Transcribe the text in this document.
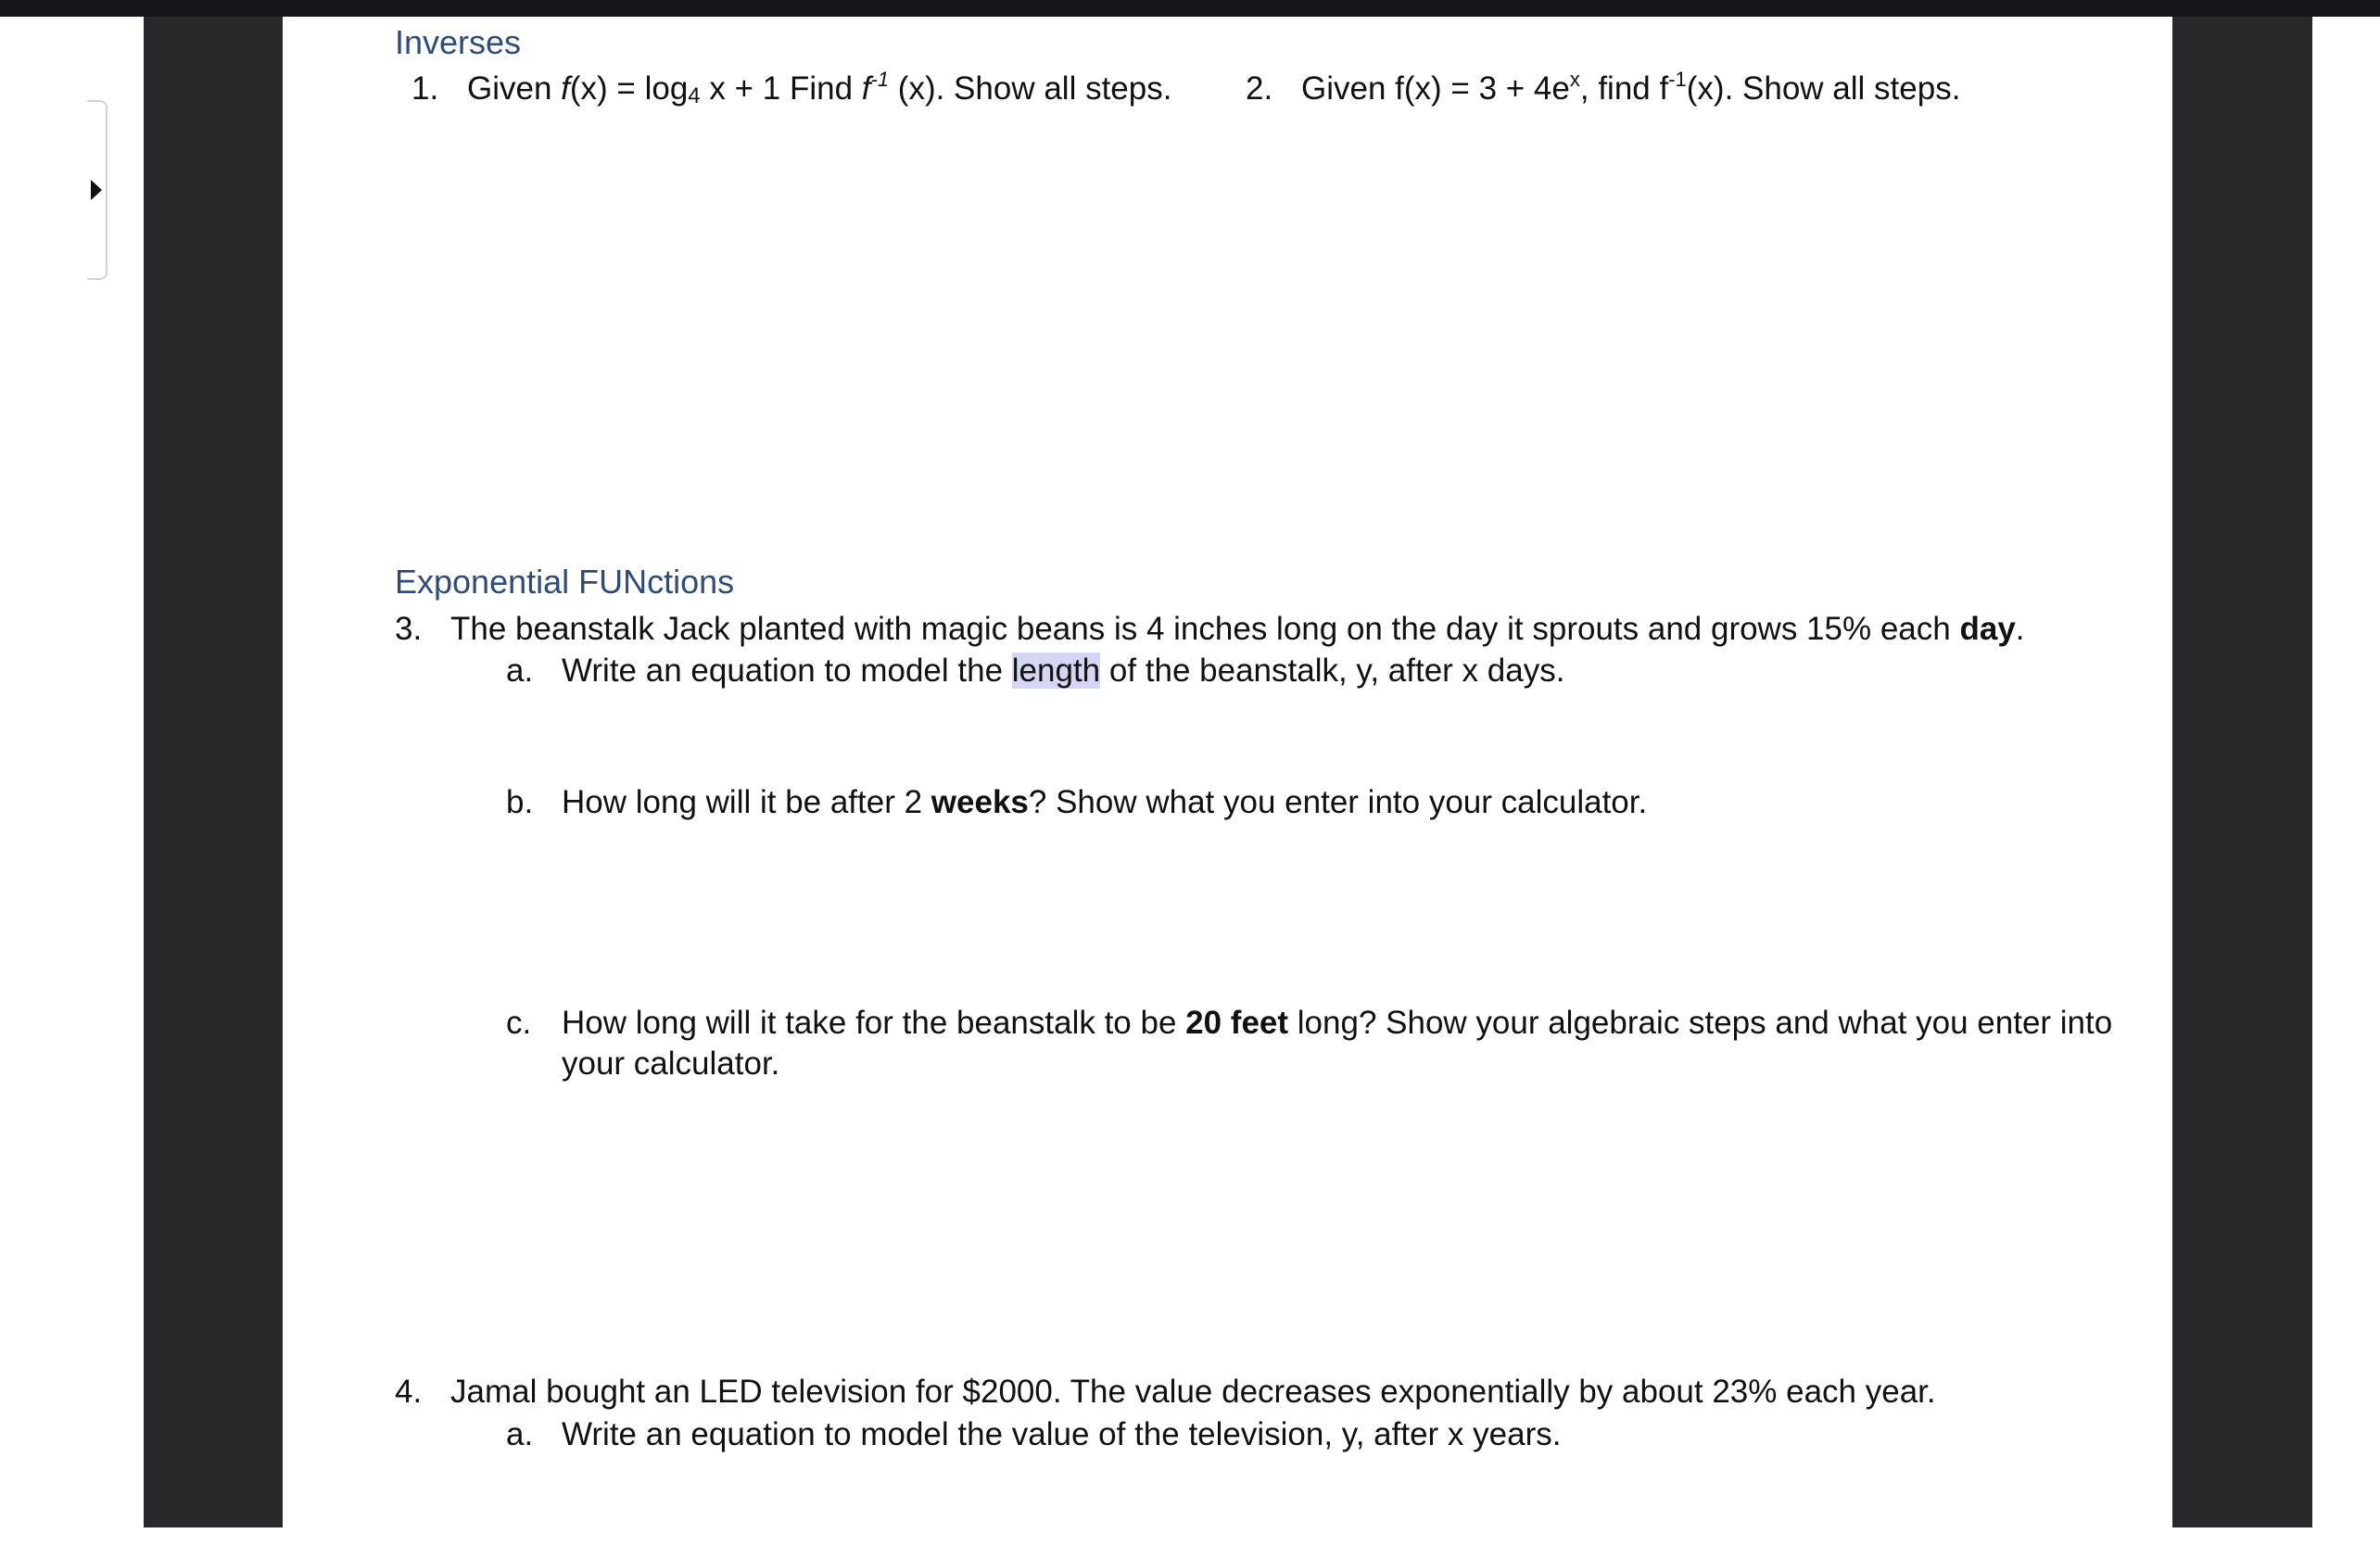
Inverses
1. Given $f(x) = \log_4 x + 1$ Find $f^{-1}$ (x). Show all steps. 2. Given $f(x) = 3 + 4e^x$, find $f^{-1}(x)$. Show all steps.
Exponential FUNctions
3. The beanstalk Jack planted with magic beans is 4 inches long on the day it sprouts and grows 15% each day.
a. Write an equation to model the length of the beanstalk, y, after x days.
b. How long will it be after 2 weeks? Show what you enter into your calculator.
c. How long will it take for the beanstalk to be 20 feet long? Show your algebraic steps and what you enter into
your calculator.
4. Jamal bought an LED television for $2000. The value decreases exponentially by about 23% each year.
a. Write an equation to model the value of the television, y, after x years.
